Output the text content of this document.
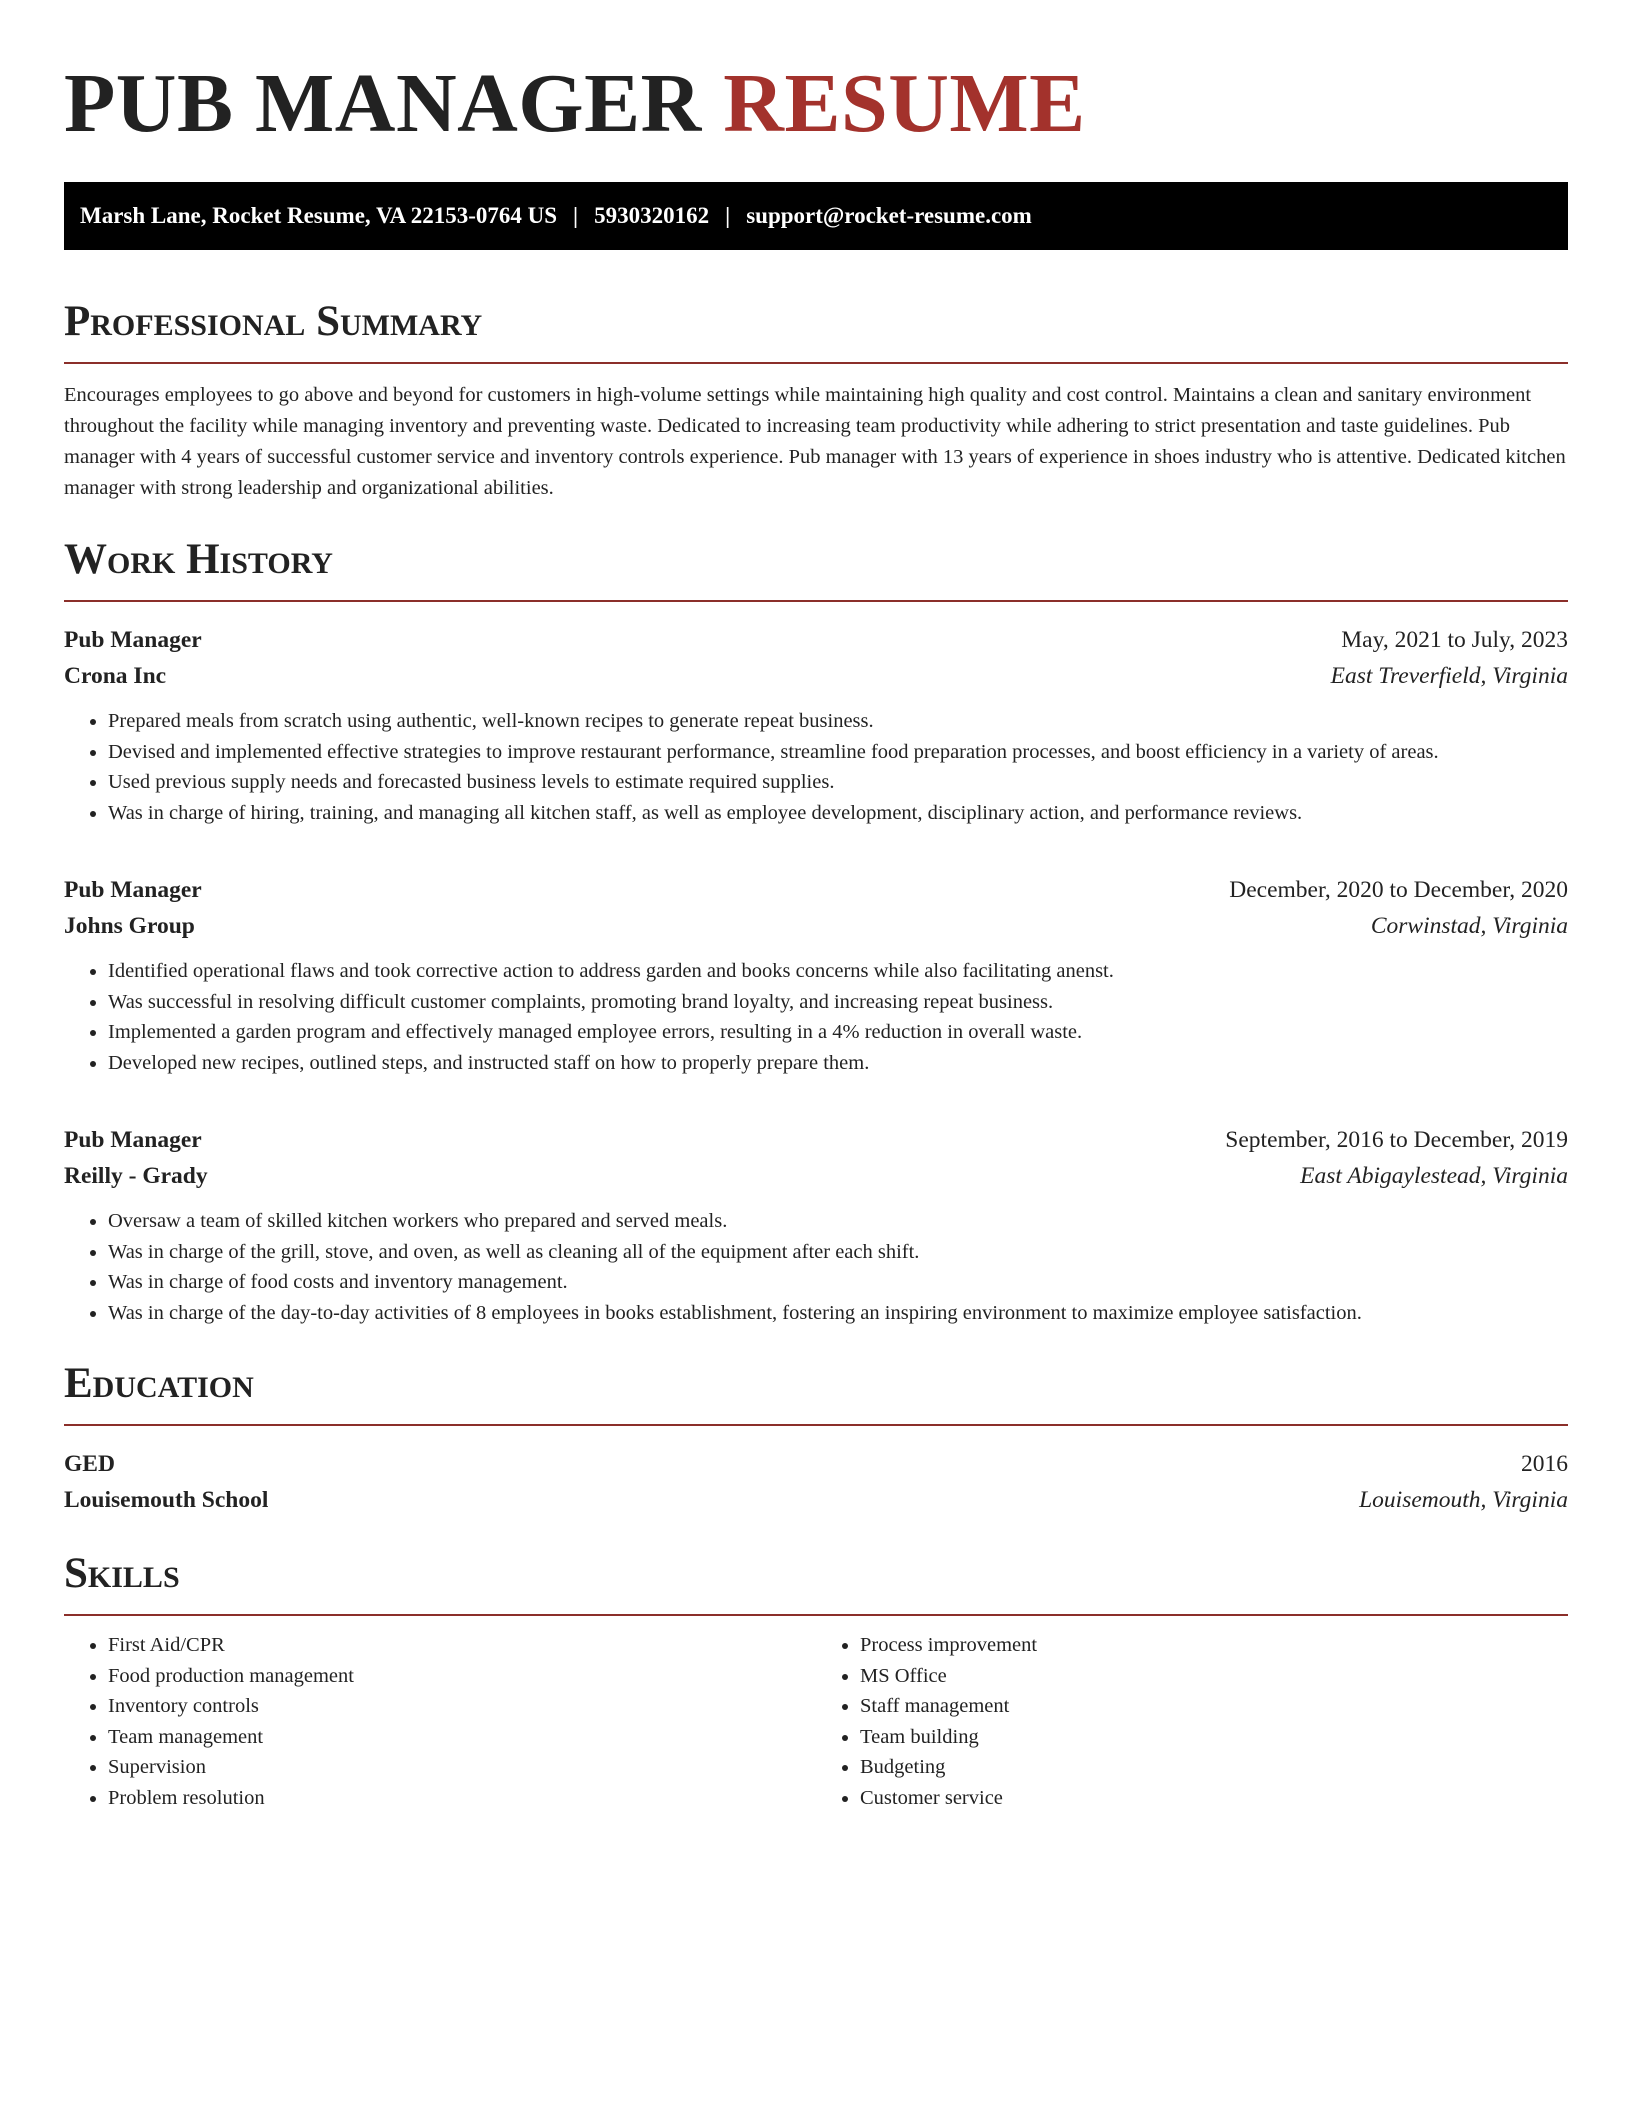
PUB MANAGER RESUME
Marsh Lane, Rocket Resume, VA 22153-0764 US | 5930320162 | support@rocket-resume.com
Professional Summary

Encourages employees to go above and beyond for customers in high-volume settings while maintaining high quality and cost control. Maintains a clean and sanitary environment throughout the facility while managing inventory and preventing waste. Dedicated to increasing team productivity while adhering to strict presentation and taste guidelines. Pub manager with 4 years of successful customer service and inventory controls experience. Pub manager with 13 years of experience in shoes industry who is attentive. Dedicated kitchen manager with strong leadership and organizational abilities.

Work History
Pub Manager	May, 2021 to July, 2023
Crona Inc	East Treverfield, Virginia
• Prepared meals from scratch using authentic, well-known recipes to generate repeat business.
• Devised and implemented effective strategies to improve restaurant performance, streamline food preparation processes, and boost efficiency in a variety of areas.
• Used previous supply needs and forecasted business levels to estimate required supplies.
• Was in charge of hiring, training, and managing all kitchen staff, as well as employee development, disciplinary action, and performance reviews.
Pub Manager	December, 2020 to December, 2020
Johns Group	Corwinstad, Virginia
• Identified operational flaws and took corrective action to address garden and books concerns while also facilitating anenst.
• Was successful in resolving difficult customer complaints, promoting brand loyalty, and increasing repeat business.
• Implemented a garden program and effectively managed employee errors, resulting in a 4% reduction in overall waste.
• Developed new recipes, outlined steps, and instructed staff on how to properly prepare them.
Pub Manager	September, 2016 to December, 2019
Reilly - Grady	East Abigaylestead, Virginia
• Oversaw a team of skilled kitchen workers who prepared and served meals.
• Was in charge of the grill, stove, and oven, as well as cleaning all of the equipment after each shift.
• Was in charge of food costs and inventory management.
• Was in charge of the day-to-day activities of 8 employees in books establishment, fostering an inspiring environment to maximize employee satisfaction.
Education
GED	2016
Louisemouth School	Louisemouth, Virginia
Skills
• First Aid/CPR
• Food production management
• Inventory controls
• Team management
• Supervision
• Problem resolution
• Process improvement
• MS Office
• Staff management
• Team building
• Budgeting
• Customer service
